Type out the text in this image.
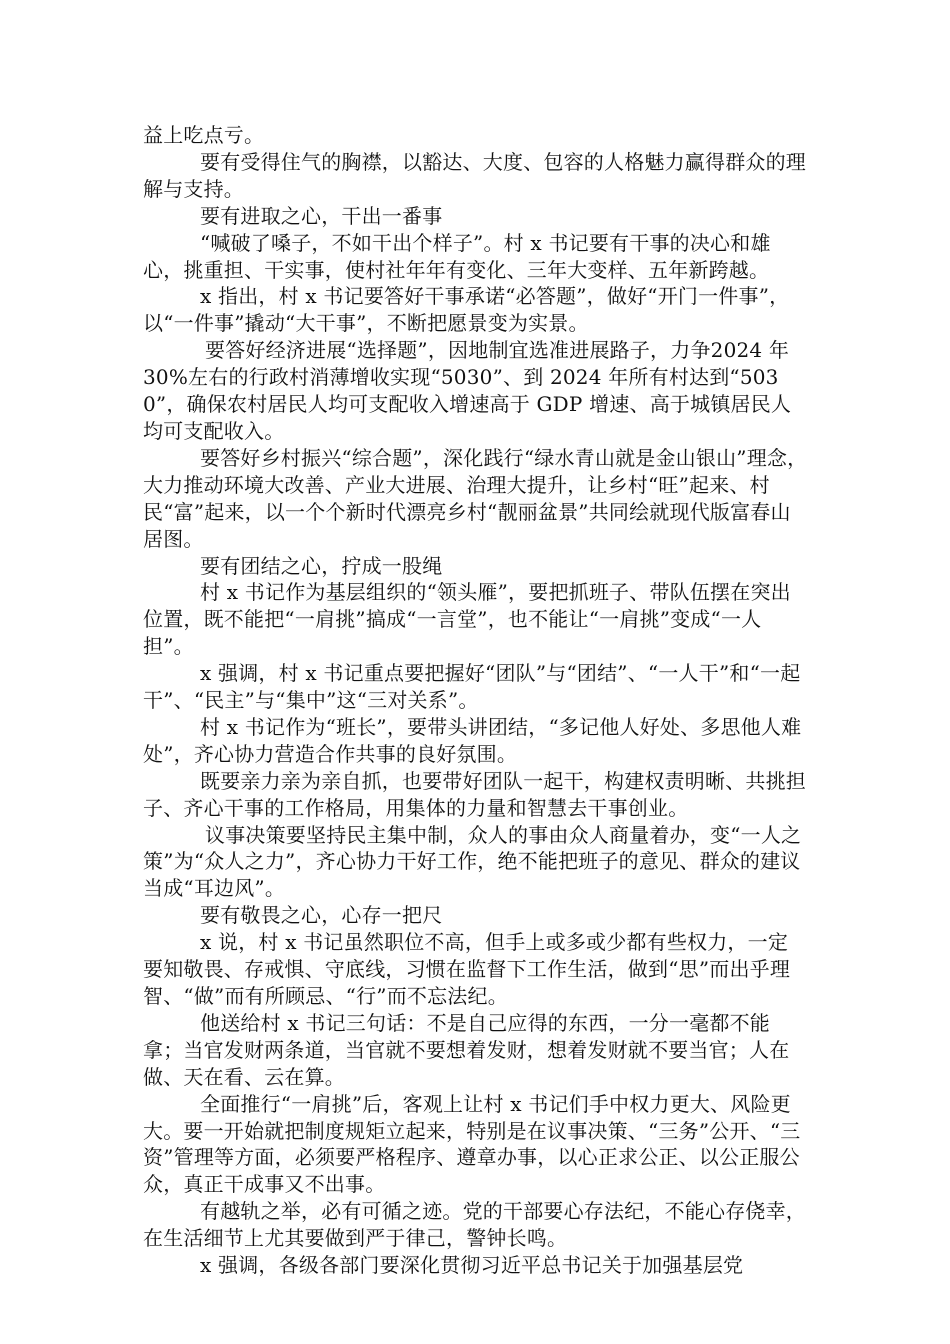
益上吃点亏。

要有受得住气的胸襟，以豁达、大度、包容的人格魅力赢得群众的理解与支持。

要有进取之心，干出一番事

“喊破了嗓子，不如干出个样子”。村 x 书记要有干事的决心和雄心，挑重担、干实事，使村社年年有变化、三年大变样、五年新跨越。

x 指出，村 x 书记要答好干事承诺“必答题”，做好“开门一件事”，以“一件事”撬动“大干事”，不断把愿景变为实景。

要答好经济进展“选择题”，因地制宜选准进展路子，力争2024 年 30%左右的行政村消薄增收实现“5030”、到 2024 年所有村达到“5030”，确保农村居民人均可支配收入增速高于 GDP 增速、高于城镇居民人均可支配收入。

要答好乡村振兴“综合题”，深化践行“绿水青山就是金山银山”理念，大力推动环境大改善、产业大进展、治理大提升，让乡村“旺”起来、村民“富”起来，以一个个新时代漂亮乡村“靓丽盆景”共同绘就现代版富春山居图。

要有团结之心，拧成一股绳

村 x 书记作为基层组织的“领头雁”，要把抓班子、带队伍摆在突出位置，既不能把“一肩挑”搞成“一言堂”，也不能让“一肩挑”变成“一人担”。

x 强调，村 x 书记重点要把握好“团队”与“团结”、“一人干”和“一起干”、“民主”与“集中”这“三对关系”。

村 x 书记作为“班长”，要带头讲团结，“多记他人好处、多思他人难处”，齐心协力营造合作共事的良好氛围。

既要亲力亲为亲自抓，也要带好团队一起干，构建权责明晰、共挑担子、齐心干事的工作格局，用集体的力量和智慧去干事创业。

议事决策要坚持民主集中制，众人的事由众人商量着办，变“一人之策”为“众人之力”，齐心协力干好工作，绝不能把班子的意见、群众的建议当成“耳边风”。

要有敬畏之心，心存一把尺

x 说，村 x 书记虽然职位不高，但手上或多或少都有些权力，一定要知敬畏、存戒惧、守底线，习惯在监督下工作生活，做到“思”而出乎理智、“做”而有所顾忌、“行”而不忘法纪。

他送给村 x 书记三句话：不是自己应得的东西，一分一毫都不能拿；当官发财两条道，当官就不要想着发财，想着发财就不要当官；人在做、天在看、云在算。

全面推行“一肩挑”后，客观上让村 x 书记们手中权力更大、风险更大。要一开始就把制度规矩立起来，特别是在议事决策、“三务”公开、“三资”管理等方面，必须要严格程序、遵章办事，以心正求公正、以公正服公众，真正干成事又不出事。

有越轨之举，必有可循之迹。党的干部要心存法纪，不能心存侥幸，在生活细节上尤其要做到严于律己，警钟长鸣。

x 强调，各级各部门要深化贯彻习近平总书记关于加强基层党
